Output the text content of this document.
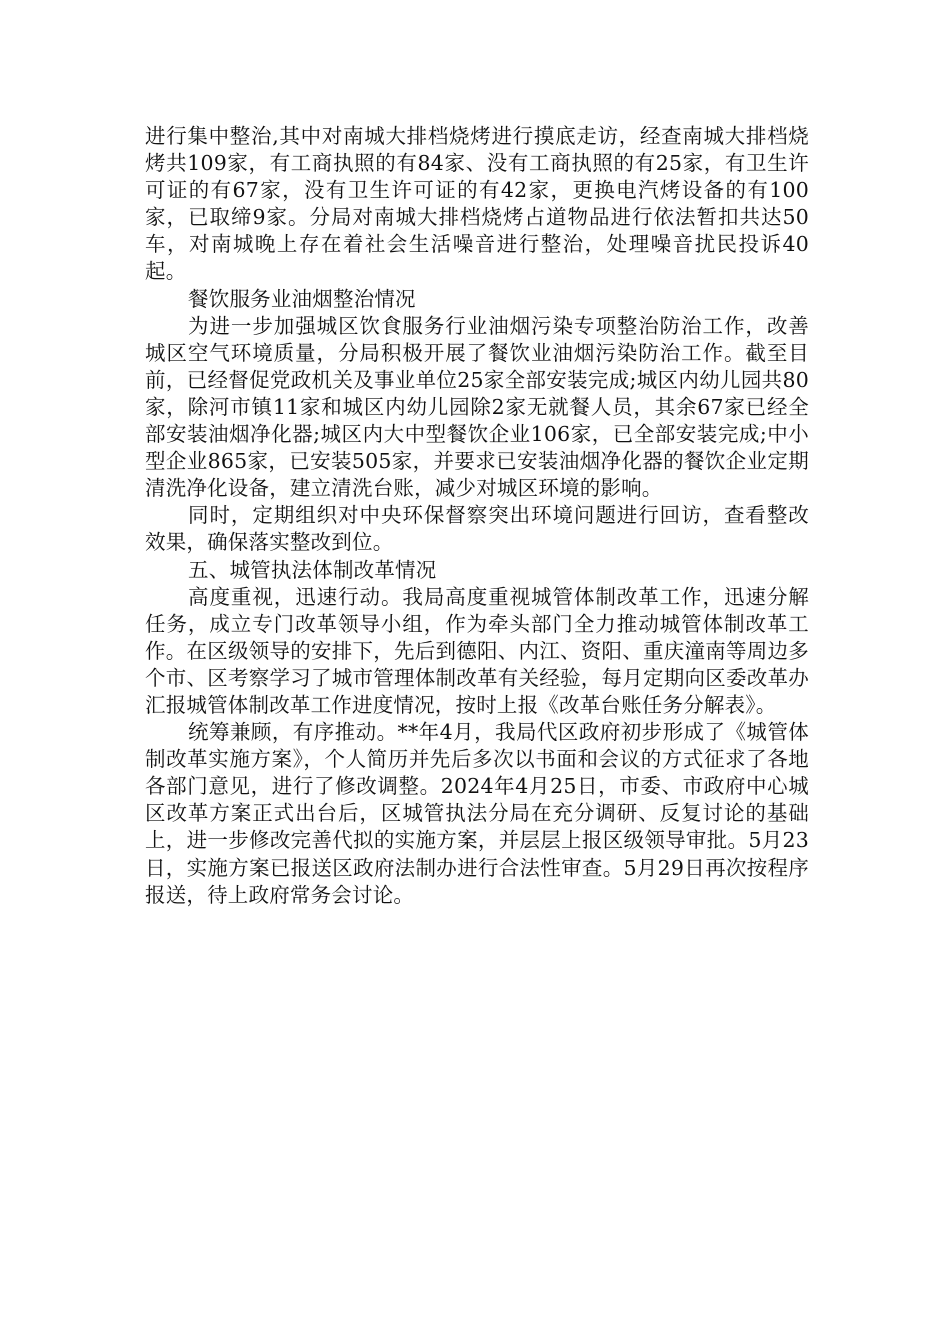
进行集中整治,其中对南城大排档烧烤进行摸底走访，经查南城大排档烧烤共109家，有工商执照的有84家、没有工商执照的有25家，有卫生许可证的有67家，没有卫生许可证的有42家，更换电汽烤设备的有100家，已取缔9家。分局对南城大排档烧烤占道物品进行依法暂扣共达50车，对南城晚上存在着社会生活噪音进行整治，处理噪音扰民投诉40起。

餐饮服务业油烟整治情况

为进一步加强城区饮食服务行业油烟污染专项整治防治工作，改善城区空气环境质量，分局积极开展了餐饮业油烟污染防治工作。截至目前，已经督促党政机关及事业单位25家全部安装完成;城区内幼儿园共80家，除河市镇11家和城区内幼儿园除2家无就餐人员，其余67家已经全部安装油烟净化器;城区内大中型餐饮企业106家，已全部安装完成;中小型企业865家，已安装505家，并要求已安装油烟净化器的餐饮企业定期清洗净化设备，建立清洗台账，减少对城区环境的影响。

同时，定期组织对中央环保督察突出环境问题进行回访，查看整改效果，确保落实整改到位。

五、城管执法体制改革情况

高度重视，迅速行动。我局高度重视城管体制改革工作，迅速分解任务，成立专门改革领导小组，作为牵头部门全力推动城管体制改革工作。在区级领导的安排下，先后到德阳、内江、资阳、重庆潼南等周边多个市、区考察学习了城市管理体制改革有关经验，每月定期向区委改革办汇报城管体制改革工作进度情况，按时上报《改革台账任务分解表》。

统筹兼顾，有序推动。**年4月，我局代区政府初步形成了《城管体制改革实施方案》，个人简历并先后多次以书面和会议的方式征求了各地各部门意见，进行了修改调整。2024年4月25日，市委、市政府中心城区改革方案正式出台后，区城管执法分局在充分调研、反复讨论的基础上，进一步修改完善代拟的实施方案，并层层上报区级领导审批。5月23日，实施方案已报送区政府法制办进行合法性审查。5月29日再次按程序报送，待上政府常务会讨论。
